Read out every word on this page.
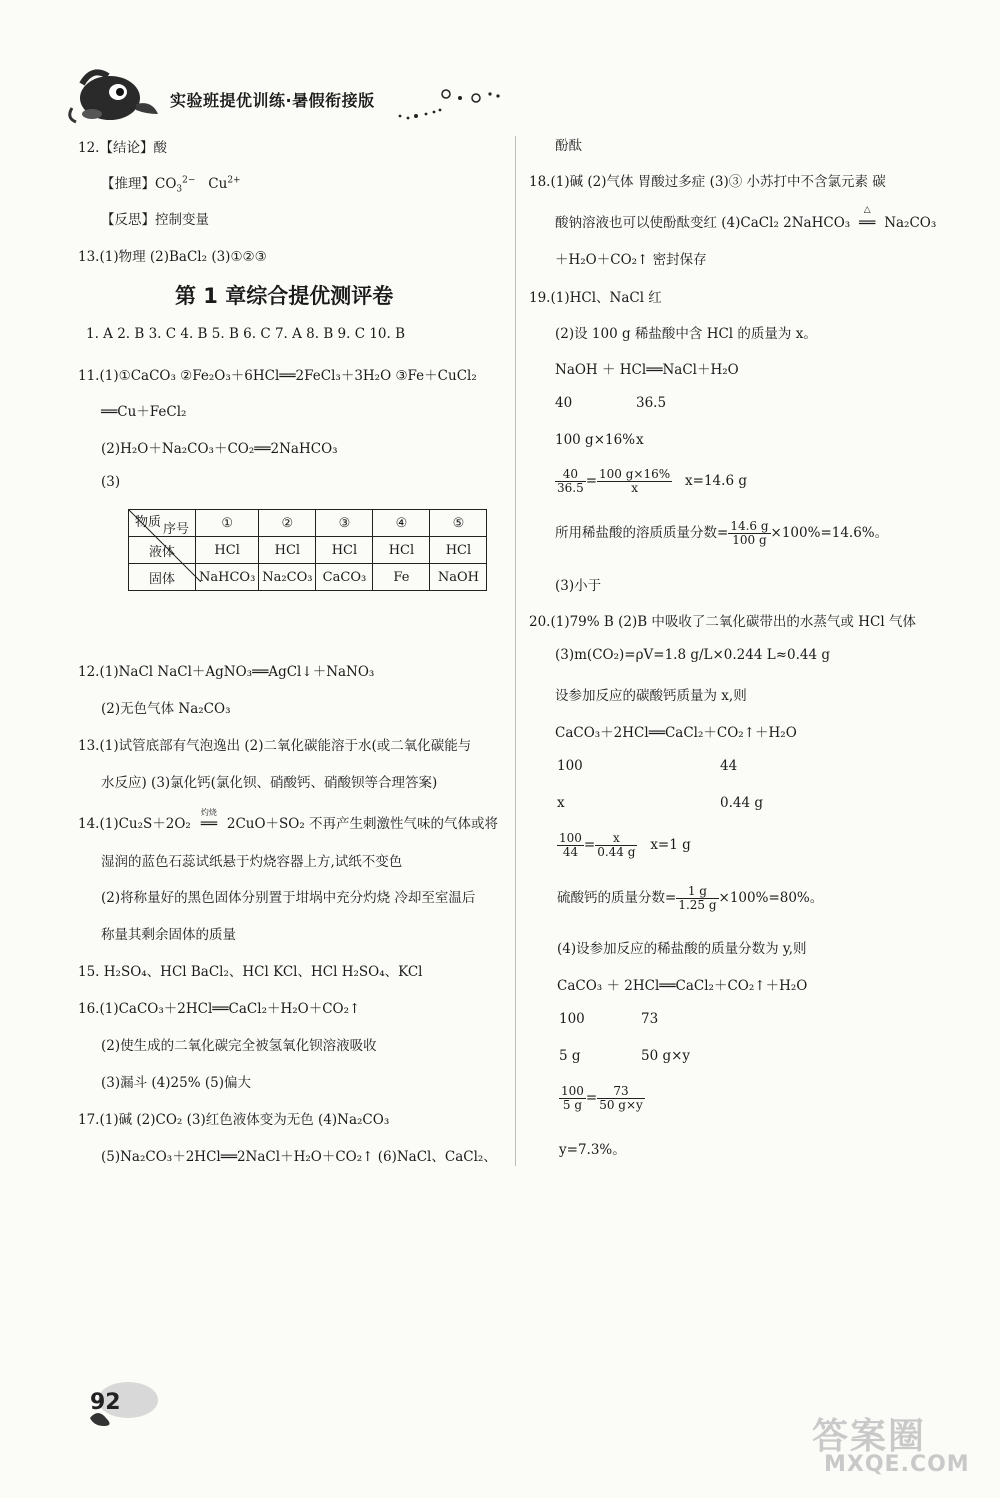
实验班提优训练·暑假衔接版
12.【结论】酸
【推理】$CO_3^{2-}$ $Cu^{2+}$
【反思】控制变量
13.(1)物理 (2)BaCl₂ (3)①②③
第 1 章综合提优测评卷
1. A 2. B 3. C 4. B 5. B 6. C 7. A 8. B 9. C 10. B
11.(1)①CaCO₃ ②Fe₂O₃＋6HCl══2FeCl₃＋3H₂O ③Fe＋CuCl₂
══Cu＋FeCl₂
(2)H₂O＋Na₂CO₃＋CO₂══2NaHCO₃
(3)
序号
物质	①	②	③	④	⑤
液体	HCl	HCl	HCl	HCl	HCl
固体	NaHCO₃	Na₂CO₃	CaCO₃	Fe	NaOH
12.(1)NaCl NaCl＋AgNO₃══AgCl↓＋NaNO₃
(2)无色气体 Na₂CO₃
13.(1)试管底部有气泡逸出 (2)二氧化碳能溶于水(或二氧化碳能与
水反应) (3)氯化钙(氯化钡、硝酸钙、硝酸钡等合理答案)
14.(1)Cu₂S＋2O₂
灼烧
══ 2CuO＋SO₂ 不再产生刺激性气味的气体或将
湿润的蓝色石蕊试纸悬于灼烧容器上方,试纸不变色
(2)将称量好的黑色固体分别置于坩埚中充分灼烧 冷却至室温后
称量其剩余固体的质量
15. H₂SO₄、HCl BaCl₂、HCl KCl、HCl H₂SO₄、KCl
16.(1)CaCO₃＋2HCl══CaCl₂＋H₂O＋CO₂↑
(2)使生成的二氧化碳完全被氢氧化钡溶液吸收
(3)漏斗 (4)25% (5)偏大
17.(1)碱 (2)CO₂ (3)红色液体变为无色 (4)Na₂CO₃
(5)Na₂CO₃＋2HCl══2NaCl＋H₂O＋CO₂↑ (6)NaCl、CaCl₂、
酚酞
18.(1)碱 (2)气体 胃酸过多症 (3)③ 小苏打中不含氯元素 碳
酸钠溶液也可以使酚酞变红 (4)CaCl₂ 2NaHCO₃
△
══ Na₂CO₃
＋H₂O＋CO₂↑ 密封保存
19.(1)HCl、NaCl 红
(2)设 100 g 稀盐酸中含 HCl 的质量为 x。
NaOH ＋ HCl══NaCl＋H₂O
40	36.5
100 g×16% x
$\frac{40}{36.5} = \frac{100 g\times 16\%}{x} x=14.6$ g
所用稀盐酸的溶质质量分数= $\frac{14.6 g}{100 g} \times 100\%=14.6\%$。
(3)小于
20.(1)79% B (2)B 中吸收了二氧化碳带出的水蒸气或 HCl 气体
(3)m(CO₂)=ρV=1.8 g/L×0.244 L≈0.44 g
设参加反应的碳酸钙质量为 x,则
CaCO₃＋2HCl══CaCl₂＋CO₂↑＋H₂O
100	44
x	0.44 g
$\frac{100}{44} = \frac{x}{0.44 g} x=1$ g
硫酸钙的质量分数= $\frac{1 g}{1.25 g} \times 100\%=80\%$。
(4)设参加反应的稀盐酸的质量分数为 y,则
CaCO₃ ＋ 2HCl══CaCl₂＋CO₂↑＋H₂O
100	73
5 g	50 g×y
$\frac{100}{5 g} = \frac{73}{50 g\times y}$
y=7.3%。
92
答案圈
MXQE.COM
